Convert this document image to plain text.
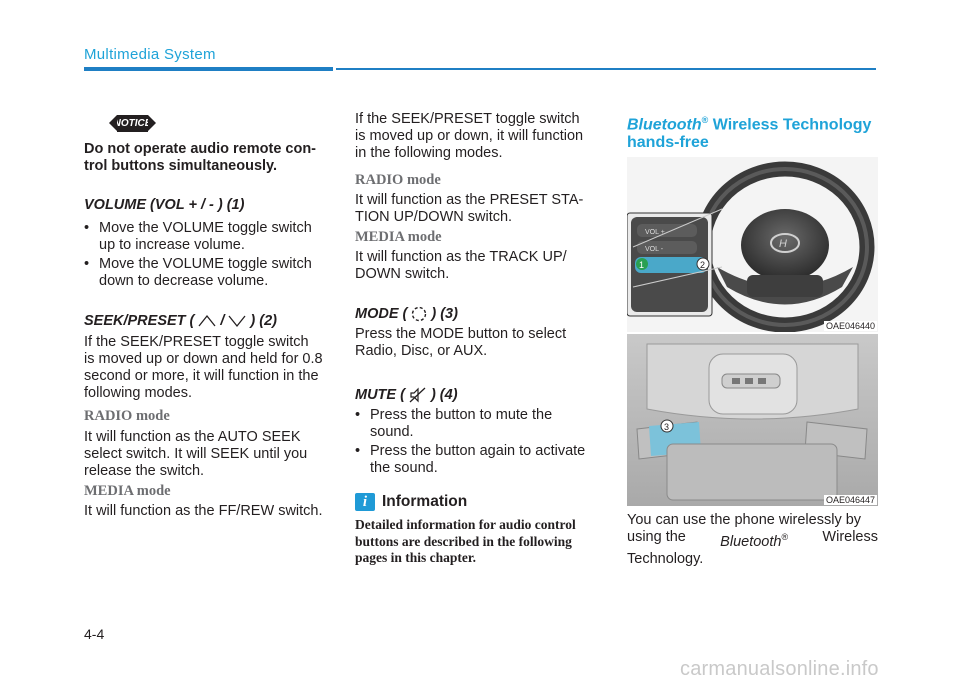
Multimedia System
NOTICE
Do not operate audio remote con-
trol buttons simultaneously.
VOLUME (VOL + / - ) (1)
• Move the VOLUME toggle switch
up to increase volume.
• Move the VOLUME toggle switch
down to decrease volume.
SEEK/PRESET ( / ) (2)
If the SEEK/PRESET toggle switch
is moved up or down and held for 0.8
second or more, it will function in the
following modes.
RADIO mode
It will function as the AUTO SEEK
select switch. It will SEEK until you
release the switch.
MEDIA mode
It will function as the FF/REW switch.
If the SEEK/PRESET toggle switch
is moved up or down, it will function
in the following modes.
RADIO mode
It will function as the PRESET STA-
TION UP/DOWN switch.
MEDIA mode
It will function as the TRACK UP/
DOWN switch.
MODE ( ) (3)
Press the MODE button to select
Radio, Disc, or AUX.
MUTE ( ) (4)
• Press the button to mute the
sound.
• Press the button again to activate
the sound.
i Information
Detailed information for audio control
buttons are described in the following
pages in this chapter.
Bluetooth® Wireless Technology
hands-free
H
VOL +
VOL -
1	2
OAE046440
3
OAE046447
You can use the phone wirelessly by
using the Bluetooth® Wireless
Technology.
4-4
carmanualsonline.info
